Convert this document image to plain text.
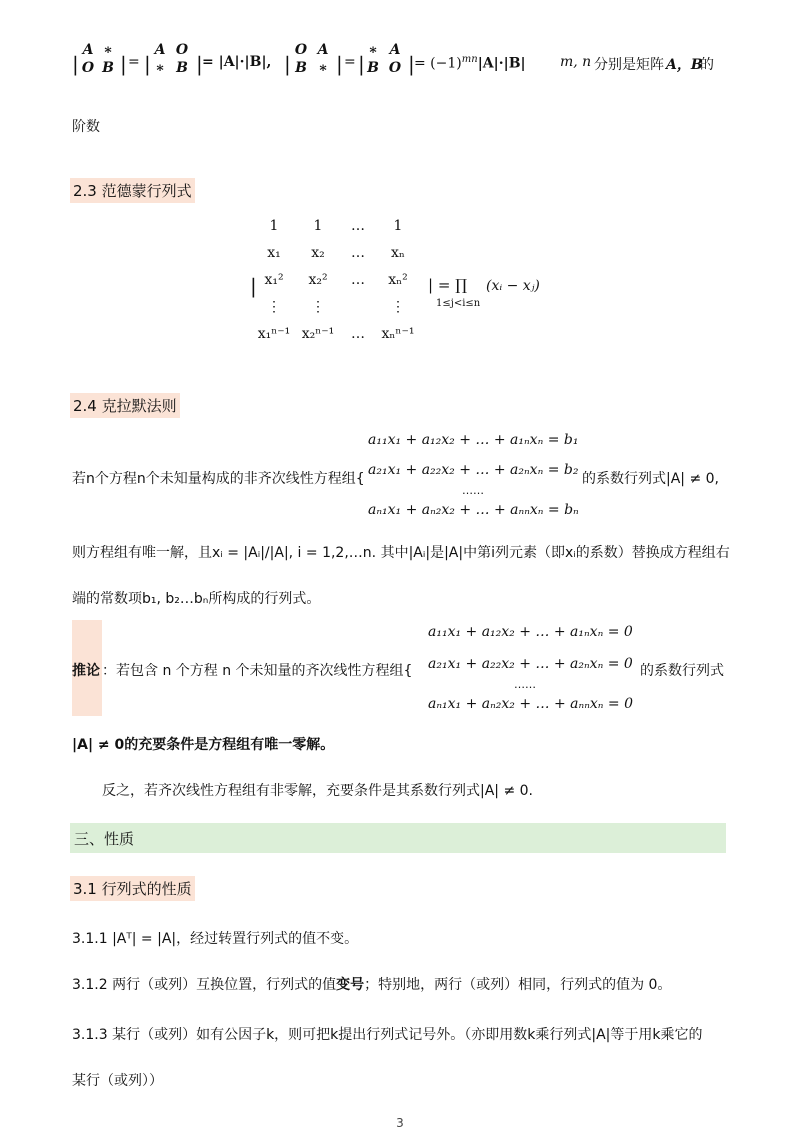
|
A ∗
O B | = |
A O
∗ B | = |A|·|B|, |
O A
B ∗ | = |
∗ A
B O | = $(-1)^{mn}|A|\cdot|B|$ m, n 分别是矩阵 A，B
的
阶数
2.3 范德蒙行列式
|
1	1	…	1
x₁	x₂	…	xₙ
x₁²	x₂²	…	xₙ²
⋮	⋮	⋮
x₁ⁿ⁻¹ x₂ⁿ⁻¹	…	xₙⁿ⁻¹
| = ∏
1≤j<i≤n
(xᵢ − xⱼ)
2.4 克拉默法则
a₁₁x₁ + a₁₂x₂ + … + a₁ₙxₙ = b₁
若n个方程n个未知量构成的非齐次线性方程组{
a₂₁x₁ + a₂₂x₂ + … + a₂ₙxₙ = b₂
的系数行列式|A| ≠ 0,
……
aₙ₁x₁ + aₙ₂x₂ + … + aₙₙxₙ = bₙ
则方程组有唯一解，且xᵢ = |Aᵢ|/|A|, i = 1,2,…n. 其中|Aᵢ|是|A|中第i列元素（即xᵢ的系数）替换成方程组右
端的常数项b₁, b₂…bₙ所构成的行列式。
a₁₁x₁ + a₁₂x₂ + … + a₁ₙxₙ = 0
推论 ：若包含 n 个方程 n 个未知量的齐次线性方程组{ a₂₁x₁ + a₂₂x₂ + … + a₂ₙxₙ = 0 的系数行列式
……
aₙ₁x₁ + aₙ₂x₂ + … + aₙₙxₙ = 0
|A| ≠ 0的充要条件是方程组有唯一零解。
反之，若齐次线性方程组有非零解，充要条件是其系数行列式|A| ≠ 0.
三、性质
3.1 行列式的性质
3.1.1 |Aᵀ| = |A|，经过转置行列式的值不变。
3.1.2 两行（或列）互换位置，行列式的值变号；特别地，两行（或列）相同，行列式的值为 0。
3.1.3 某行（或列）如有公因子k，则可把k提出行列式记号外。（亦即用数k乘行列式|A|等于用k乘它的
某行（或列））
3
